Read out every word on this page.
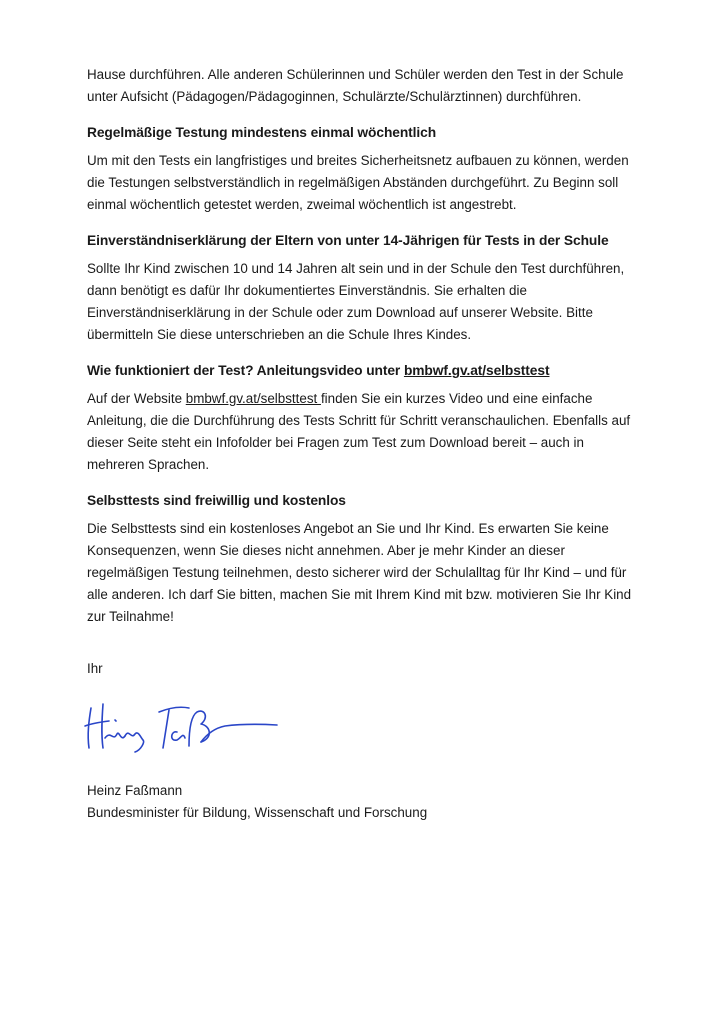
Hause durchführen. Alle anderen Schülerinnen und Schüler werden den Test in der Schule

unter Aufsicht (Pädagogen/Pädagoginnen, Schulärzte/Schulärztinnen) durchführen.

Regelmäßige Testung mindestens einmal wöchentlich

Um mit den Tests ein langfristiges und breites Sicherheitsnetz aufbauen zu können, werden

die Testungen selbstverständlich in regelmäßigen Abständen durchgeführt. Zu Beginn soll

einmal wöchentlich getestet werden, zweimal wöchentlich ist angestrebt.

Einverständniserklärung der Eltern von unter 14-Jährigen für Tests in der Schule

Sollte Ihr Kind zwischen 10 und 14 Jahren alt sein und in der Schule den Test durchführen,

dann benötigt es dafür Ihr dokumentiertes Einverständnis. Sie erhalten die

Einverständniserklärung in der Schule oder zum Download auf unserer Website. Bitte

übermitteln Sie diese unterschrieben an die Schule Ihres Kindes.

Wie funktioniert der Test? Anleitungsvideo unter bmbwf.gv.at/selbsttest

Auf der Website bmbwf.gv.at/selbsttest finden Sie ein kurzes Video und eine einfache

Anleitung, die die Durchführung des Tests Schritt für Schritt veranschaulichen. Ebenfalls auf

dieser Seite steht ein Infofolder bei Fragen zum Test zum Download bereit – auch in

mehreren Sprachen.

Selbsttests sind freiwillig und kostenlos

Die Selbsttests sind ein kostenloses Angebot an Sie und Ihr Kind. Es erwarten Sie keine

Konsequenzen, wenn Sie dieses nicht annehmen. Aber je mehr Kinder an dieser

regelmäßigen Testung teilnehmen, desto sicherer wird der Schulalltag für Ihr Kind – und für

alle anderen. Ich darf Sie bitten, machen Sie mit Ihrem Kind mit bzw. motivieren Sie Ihr Kind

zur Teilnahme!

Ihr

Heinz Faßmann

Bundesminister für Bildung, Wissenschaft und Forschung
